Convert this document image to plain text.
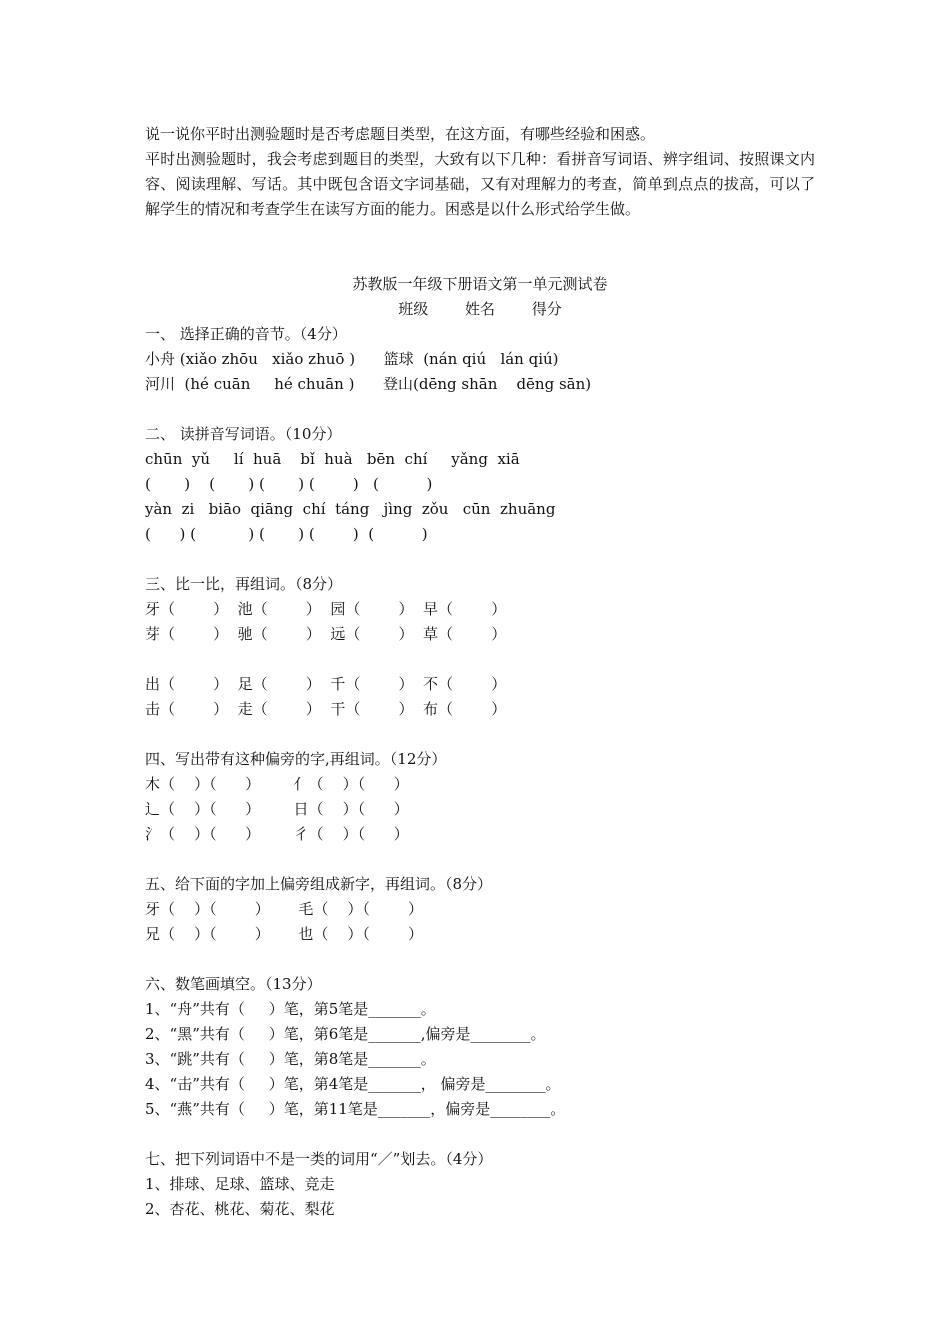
说一说你平时出测验题时是否考虑题目类型，在这方面，有哪些经验和困惑。

平时出测验题时，我会考虑到题目的类型，大致有以下几种：看拼音写词语、辨字组词、按照课文内容、阅读理解、写话。其中既包含语文字词基础，又有对理解力的考查，简单到点点的拔高，可以了解学生的情况和考查学生在读写方面的能力。困惑是以什么形式给学生做。

苏教版一年级下册语文第一单元测试卷
班级 姓名 得分
一、 选择正确的音节。（4分）
小舟 (xiǎo zhōu   xiǎo zhuō )      篮球  (nán qiú   lán qiú)
河川  (hé cuān     hé chuān )      登山(dēng shān    dēng sān)
二、 读拼音写词语。（10分）
chūn  yǔ     lí  huā    bǐ  huà   bēn  chí     yǎng  xiā
(       )    (       ) (       ) (        )   (          )
yàn  zi   biāo  qiāng  chí  táng   jìng  zǒu   cūn  zhuāng
(      ) (           ) (       ) (        )  (          )
三、比一比，再组词。（8分）
牙（        ）  池（        ）  园（        ）  早（        ）
芽（        ）  驰（        ）  远（        ）  草（        ）
出（        ）  足（        ）  千（        ）  不（        ）
击（        ）  走（        ）  干（        ）  布（        ）
四、写出带有这种偏旁的字,再组词。（12分）
木（    ）（      ）       亻（    ）（      ）
辶（    ）（      ）       日（    ）（      ）
氵（    ）（      ）       彳（    ）（      ）
五、给下面的字加上偏旁组成新字，再组词。（8分）
牙（    ）（        ）      毛（    ）（        ）
兄（    ）（        ）      也（    ）（        ）
六、数笔画填空。（13分）
1、“舟”共有（     ）笔，第5笔是_______。
2、“黑”共有（     ）笔，第6笔是_______,偏旁是________。
3、“跳”共有（     ）笔，第8笔是_______。
4、“击”共有（     ）笔，第4笔是_______， 偏旁是________。
5、“燕”共有（     ）笔，第11笔是_______，偏旁是________。
七、把下列词语中不是一类的词用“／”划去。（4分）
1、排球、足球、篮球、竞走
2、杏花、桃花、菊花、梨花
